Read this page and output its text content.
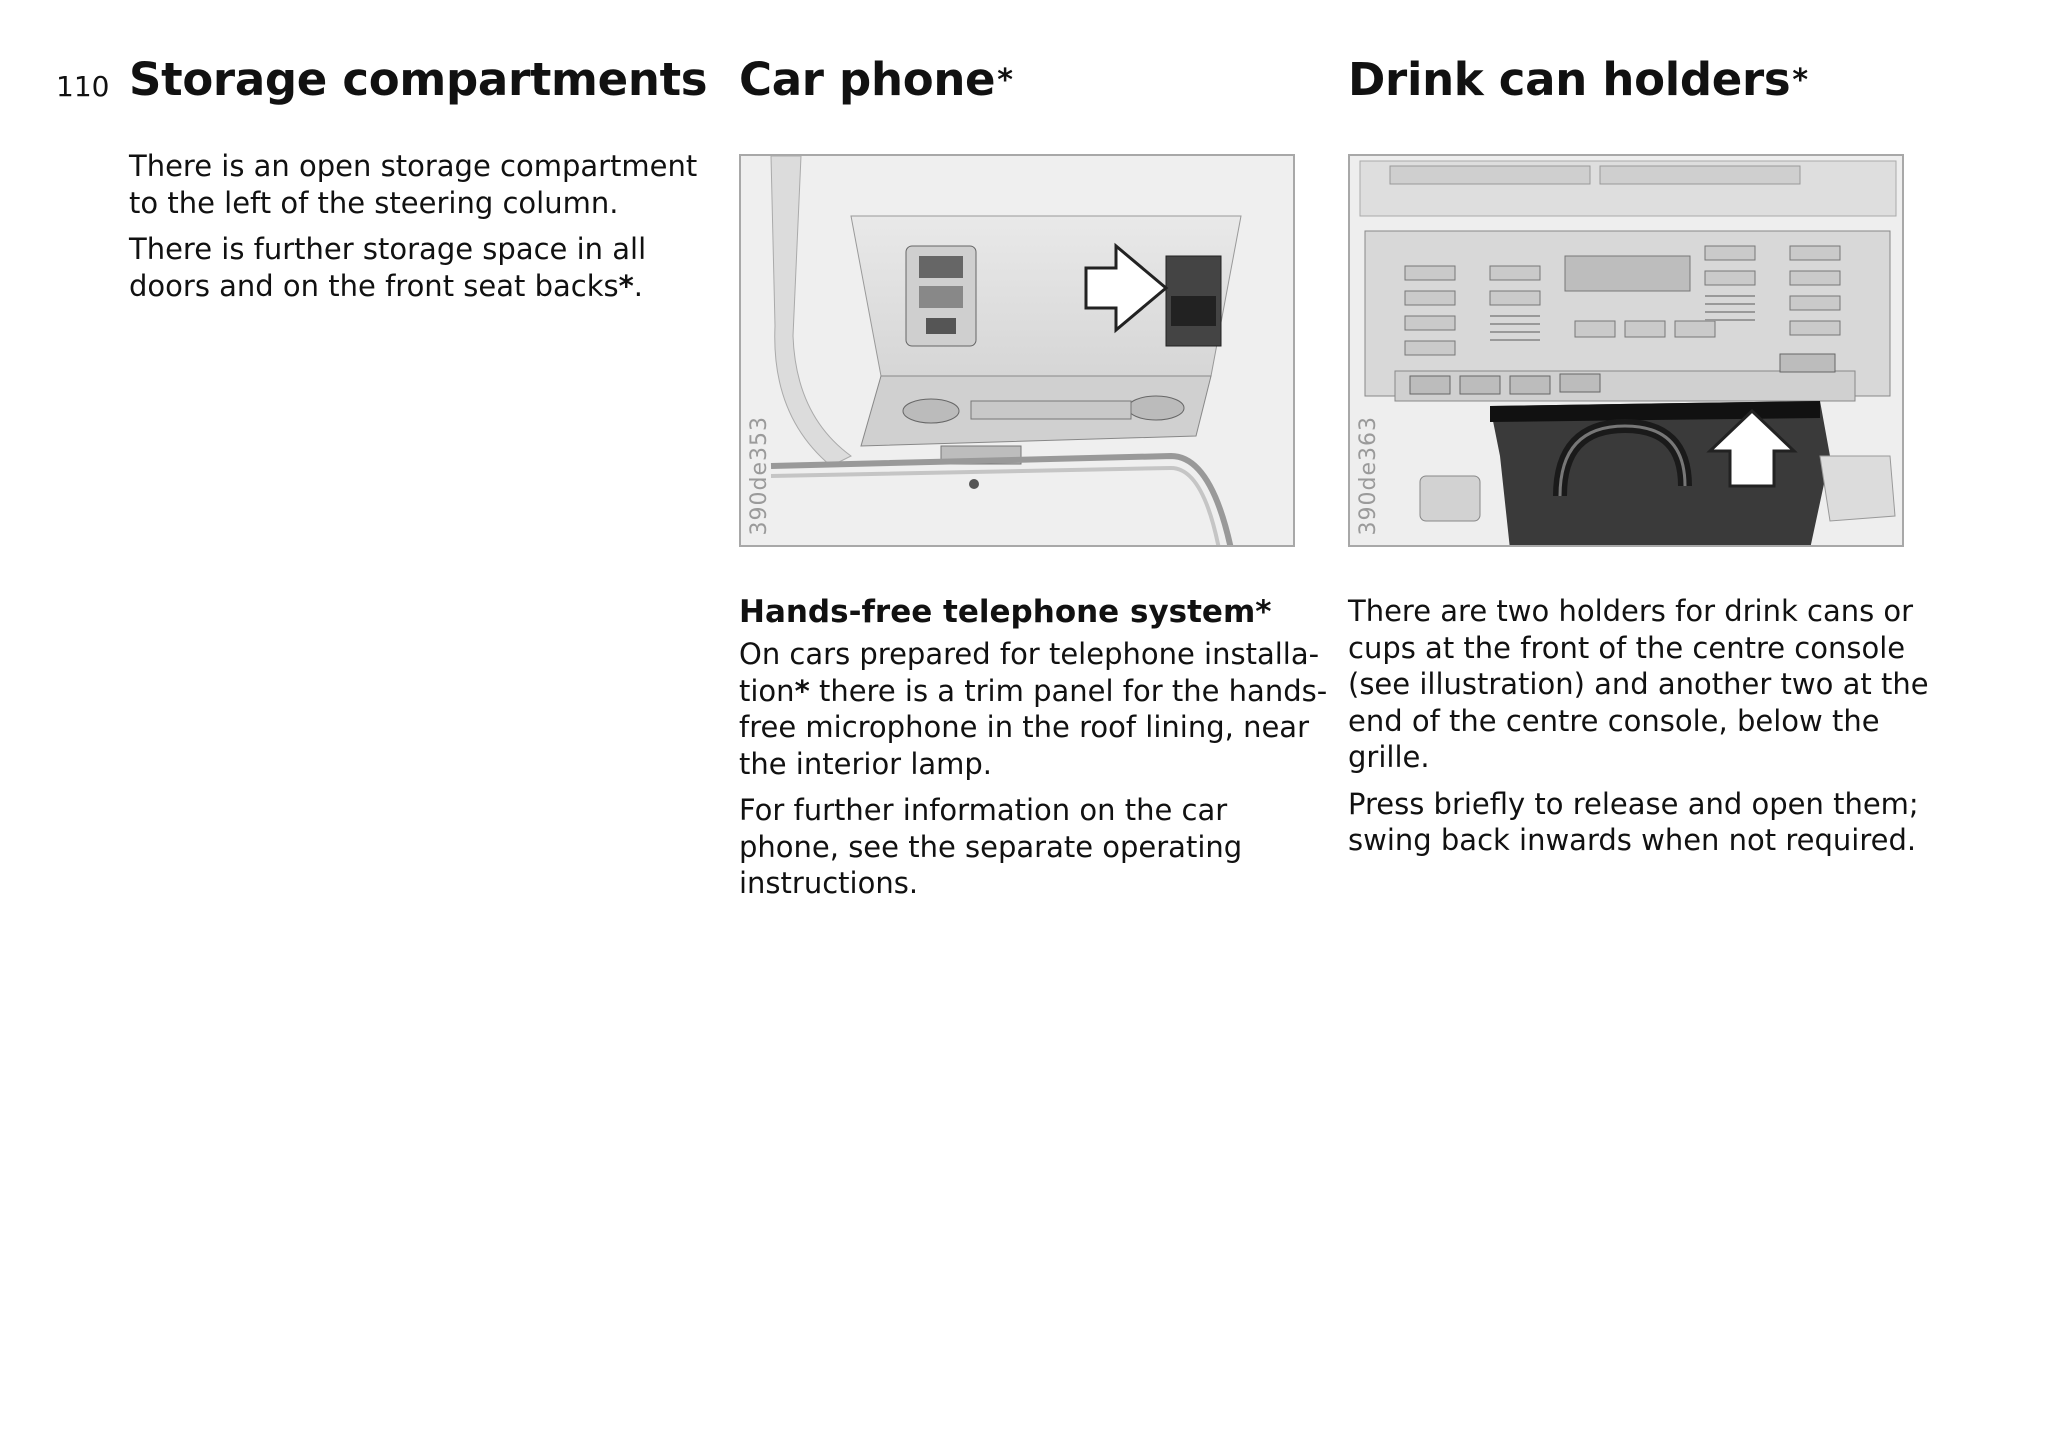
110 Storage compartments

There is an open storage compartment to the left of the steering column.

There is further storage space in all doors and on the front seat backs*.

Car phone*
390de353

Hands-free telephone system*

On cars prepared for telephone installa-tion* there is a trim panel for the hands-free microphone in the roof lining, near the interior lamp.

For further information on the car phone, see the separate operating instructions.

Drink can holders*
390de363

There are two holders for drink cans or cups at the front of the centre console (see illustration) and another two at the end of the centre console, below the grille.

Press briefly to release and open them; swing back inwards when not required.
